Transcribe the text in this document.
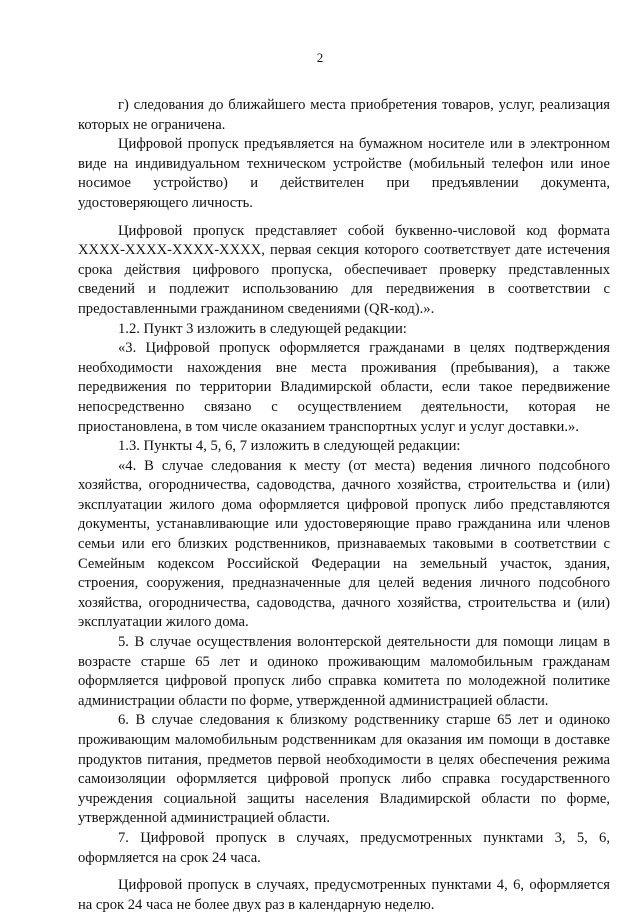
2

г) следования до ближайшего места приобретения товаров, услуг, реализация которых не ограничена.

Цифровой пропуск предъявляется на бумажном носителе или в электронном виде на индивидуальном техническом устройстве (мобильный телефон или иное носимое устройство) и действителен при предъявлении документа, удостоверяющего личность.

Цифровой пропуск представляет собой буквенно-числовой код формата XXXX-XXXX-XXXX-XXXX, первая секция которого соответствует дате истечения срока действия цифрового пропуска, обеспечивает проверку представленных сведений и подлежит использованию для передвижения в соответствии с предоставленными гражданином сведениями (QR-код).».

1.2. Пункт 3 изложить в следующей редакции:

«3. Цифровой пропуск оформляется гражданами в целях подтверждения необходимости нахождения вне места проживания (пребывания), а также передвижения по территории Владимирской области, если такое передвижение непосредственно связано с осуществлением деятельности, которая не приостановлена, в том числе оказанием транспортных услуг и услуг доставки.».

1.3. Пункты 4, 5, 6, 7 изложить в следующей редакции:

«4. В случае следования к месту (от места) ведения личного подсобного хозяйства, огородничества, садоводства, дачного хозяйства, строительства и (или) эксплуатации жилого дома оформляется цифровой пропуск либо представляются документы, устанавливающие или удостоверяющие право гражданина или членов семьи или его близких родственников, признаваемых таковыми в соответствии с Семейным кодексом Российской Федерации на земельный участок, здания, строения, сооружения, предназначенные для целей ведения личного подсобного хозяйства, огородничества, садоводства, дачного хозяйства, строительства и (или) эксплуатации жилого дома.

5. В случае осуществления волонтерской деятельности для помощи лицам в возрасте старше 65 лет и одиноко проживающим маломобильным гражданам оформляется цифровой пропуск либо справка комитета по молодежной политике администрации области по форме, утвержденной администрацией области.

6. В случае следования к близкому родственнику старше 65 лет и одиноко проживающим маломобильным родственникам для оказания им помощи в доставке продуктов питания, предметов первой необходимости в целях обеспечения режима самоизоляции оформляется цифровой пропуск либо справка государственного учреждения социальной защиты населения Владимирской области по форме, утвержденной администрацией области.

7. Цифровой пропуск в случаях, предусмотренных пунктами 3, 5, 6, оформляется на срок 24 часа.

Цифровой пропуск в случаях, предусмотренных пунктами 4, 6, оформляется на срок 24 часа не более двух раз в календарную неделю.
